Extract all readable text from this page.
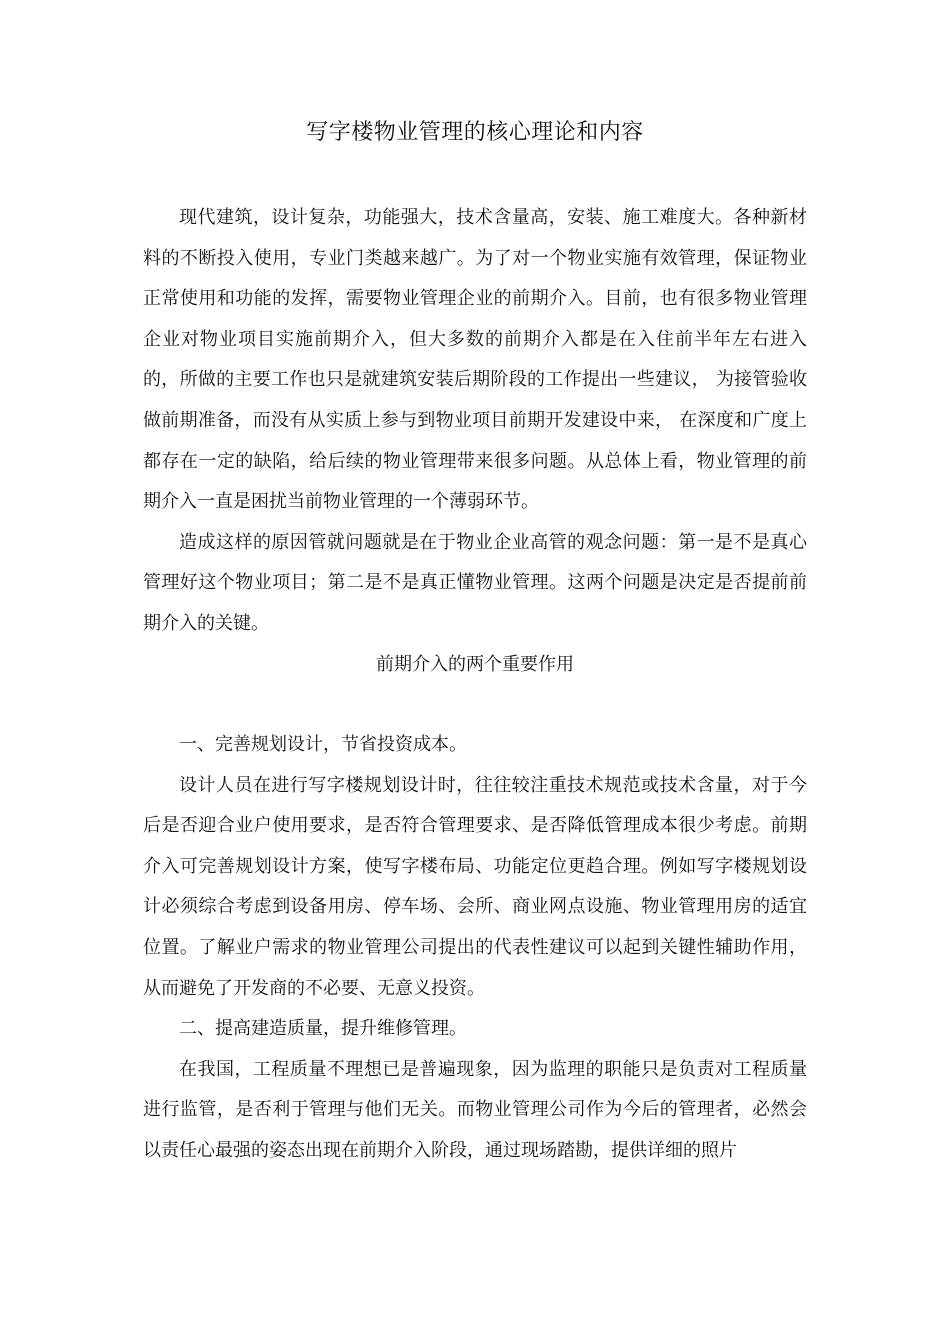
写字楼物业管理的核心理论和内容

现代建筑，设计复杂，功能强大，技术含量高，安装、施工难度大。各种新材料的不断投入使用，专业门类越来越广。为了对一个物业实施有效管理，保证物业正常使用和功能的发挥，需要物业管理企业的前期介入。目前，也有很多物业管理企业对物业项目实施前期介入，但大多数的前期介入都是在入住前半年左右进入的，所做的主要工作也只是就建筑安装后期阶段的工作提出一些建议， 为接管验收做前期准备，而没有从实质上参与到物业项目前期开发建设中来， 在深度和广度上都存在一定的缺陷，给后续的物业管理带来很多问题。从总体上看，物业管理的前期介入一直是困扰当前物业管理的一个薄弱环节。

造成这样的原因管就问题就是在于物业企业高管的观念问题：第一是不是真心管理好这个物业项目；第二是不是真正懂物业管理。这两个问题是决定是否提前前期介入的关键。

前期介入的两个重要作用

一、完善规划设计，节省投资成本。

设计人员在进行写字楼规划设计时，往往较注重技术规范或技术含量，对于今后是否迎合业户使用要求，是否符合管理要求、是否降低管理成本很少考虑。前期介入可完善规划设计方案，使写字楼布局、功能定位更趋合理。例如写字楼规划设计必须综合考虑到设备用房、停车场、会所、商业网点设施、物业管理用房的适宜位置。了解业户需求的物业管理公司提出的代表性建议可以起到关键性辅助作用，从而避免了开发商的不必要、无意义投资。

二、提高建造质量，提升维修管理。

在我国，工程质量不理想已是普遍现象，因为监理的职能只是负责对工程质量进行监管，是否利于管理与他们无关。而物业管理公司作为今后的管理者，必然会以责任心最强的姿态出现在前期介入阶段，通过现场踏勘，提供详细的照片
